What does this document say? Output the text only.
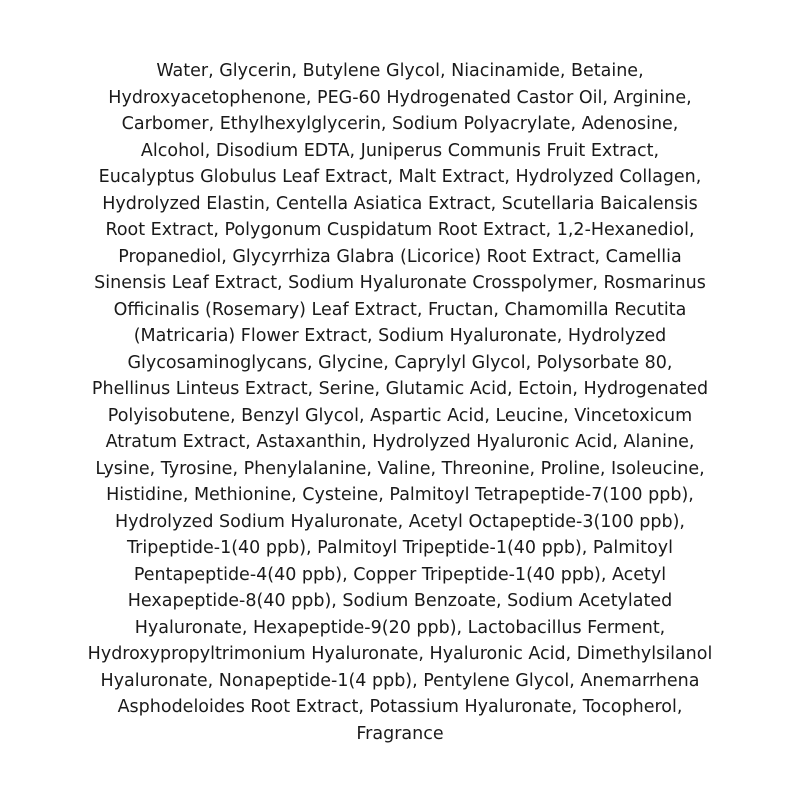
Water, Glycerin, Butylene Glycol, Niacinamide, Betaine,
Hydroxyacetophenone, PEG-60 Hydrogenated Castor Oil, Arginine,
Carbomer, Ethylhexylglycerin, Sodium Polyacrylate, Adenosine,
Alcohol, Disodium EDTA, Juniperus Communis Fruit Extract,
Eucalyptus Globulus Leaf Extract, Malt Extract, Hydrolyzed Collagen,
Hydrolyzed Elastin, Centella Asiatica Extract, Scutellaria Baicalensis
Root Extract, Polygonum Cuspidatum Root Extract, 1,2-Hexanediol,
Propanediol, Glycyrrhiza Glabra (Licorice) Root Extract, Camellia
Sinensis Leaf Extract, Sodium Hyaluronate Crosspolymer, Rosmarinus
Officinalis (Rosemary) Leaf Extract, Fructan, Chamomilla Recutita
(Matricaria) Flower Extract, Sodium Hyaluronate, Hydrolyzed
Glycosaminoglycans, Glycine, Caprylyl Glycol, Polysorbate 80,
Phellinus Linteus Extract, Serine, Glutamic Acid, Ectoin, Hydrogenated
Polyisobutene, Benzyl Glycol, Aspartic Acid, Leucine, Vincetoxicum
Atratum Extract, Astaxanthin, Hydrolyzed Hyaluronic Acid, Alanine,
Lysine, Tyrosine, Phenylalanine, Valine, Threonine, Proline, Isoleucine,
Histidine, Methionine, Cysteine, Palmitoyl Tetrapeptide-7(100 ppb),
Hydrolyzed Sodium Hyaluronate, Acetyl Octapeptide-3(100 ppb),
Tripeptide-1(40 ppb), Palmitoyl Tripeptide-1(40 ppb), Palmitoyl
Pentapeptide-4(40 ppb), Copper Tripeptide-1(40 ppb), Acetyl
Hexapeptide-8(40 ppb), Sodium Benzoate, Sodium Acetylated
Hyaluronate, Hexapeptide-9(20 ppb), Lactobacillus Ferment,
Hydroxypropyltrimonium Hyaluronate, Hyaluronic Acid, Dimethylsilanol
Hyaluronate, Nonapeptide-1(4 ppb), Pentylene Glycol, Anemarrhena
Asphodeloides Root Extract, Potassium Hyaluronate, Tocopherol,
Fragrance
